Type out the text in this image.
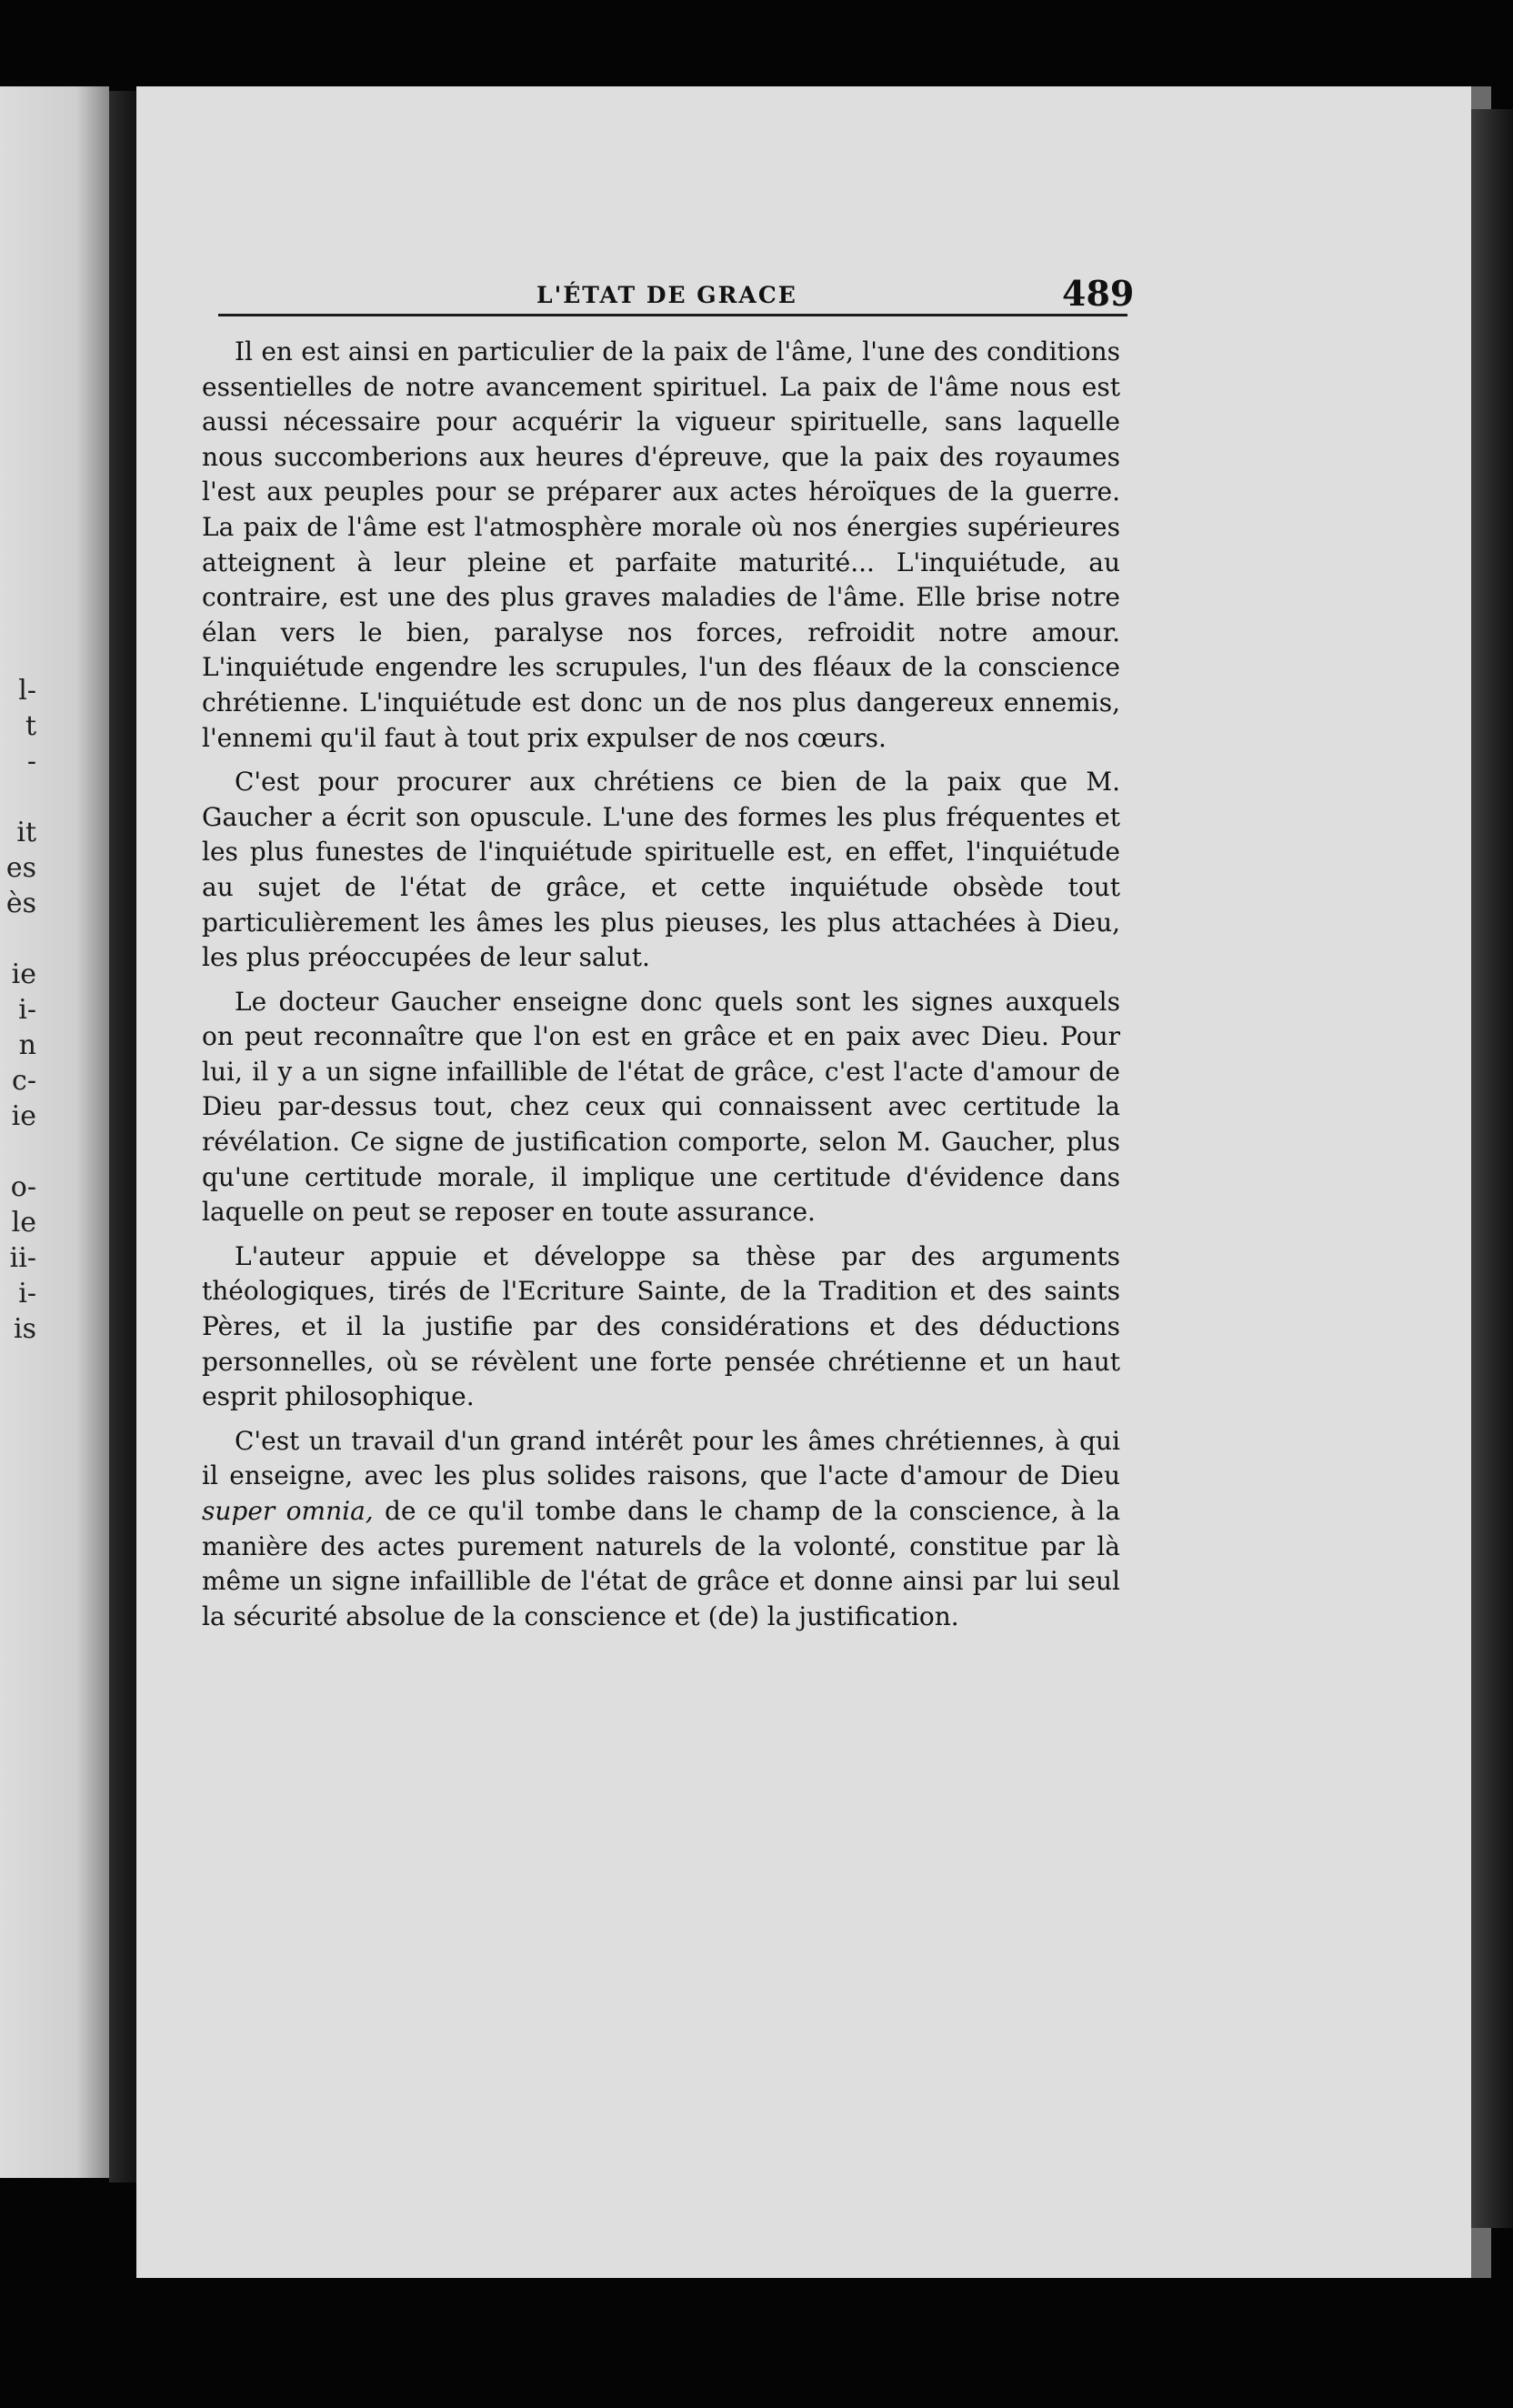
l-
t
-
it
es
ès
ie
i-
n
c-
ie
o-
le
ii-
i-
is
L'ÉTAT DE GRACE	489

Il en est ainsi en particulier de la paix de l'âme, l'une des conditions essentielles de notre avancement spirituel. La paix de l'âme nous est aussi nécessaire pour acquérir la vigueur spirituelle, sans laquelle nous succomberions aux heures d'épreuve, que la paix des royaumes l'est aux peuples pour se préparer aux actes héroïques de la guerre. La paix de l'âme est l'atmosphère morale où nos énergies supérieures atteignent à leur pleine et parfaite maturité... L'inquiétude, au contraire, est une des plus graves maladies de l'âme. Elle brise notre élan vers le bien, paralyse nos forces, refroidit notre amour. L'inquiétude engendre les scrupules, l'un des fléaux de la conscience chrétienne. L'inquiétude est donc un de nos plus dangereux ennemis, l'ennemi qu'il faut à tout prix expulser de nos cœurs.

C'est pour procurer aux chrétiens ce bien de la paix que M. Gaucher a écrit son opuscule. L'une des formes les plus fréquentes et les plus funestes de l'inquiétude spirituelle est, en effet, l'inquiétude au sujet de l'état de grâce, et cette inquiétude obsède tout particulièrement les âmes les plus pieuses, les plus attachées à Dieu, les plus préoccupées de leur salut.

Le docteur Gaucher enseigne donc quels sont les signes auxquels on peut reconnaître que l'on est en grâce et en paix avec Dieu. Pour lui, il y a un signe infaillible de l'état de grâce, c'est l'acte d'amour de Dieu par-dessus tout, chez ceux qui connaissent avec certitude la révélation. Ce signe de justification comporte, selon M. Gaucher, plus qu'une certitude morale, il implique une certitude d'évidence dans laquelle on peut se reposer en toute assurance.

L'auteur appuie et développe sa thèse par des arguments théologiques, tirés de l'Ecriture Sainte, de la Tradition et des saints Pères, et il la justifie par des considérations et des déductions personnelles, où se révèlent une forte pensée chrétienne et un haut esprit philosophique.

C'est un travail d'un grand intérêt pour les âmes chrétiennes, à qui il enseigne, avec les plus solides raisons, que l'acte d'amour de Dieu super omnia, de ce qu'il tombe dans le champ de la conscience, à la manière des actes purement naturels de la volonté, constitue par là même un signe infaillible de l'état de grâce et donne ainsi par lui seul la sécurité absolue de la conscience et (de) la justification.
